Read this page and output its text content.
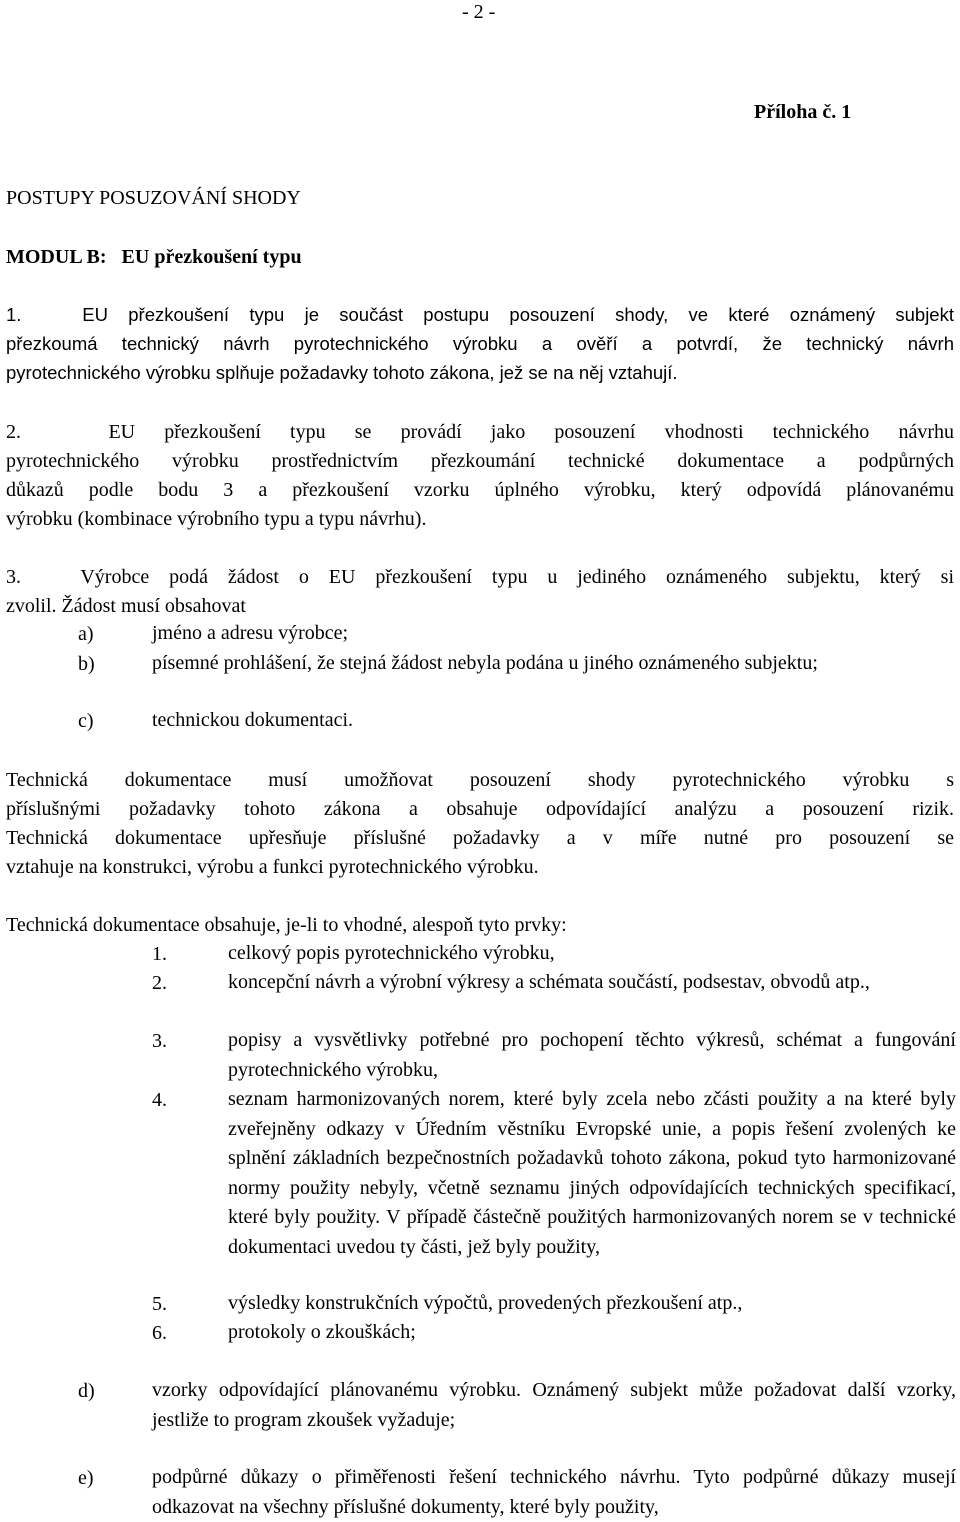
- 2 -
Příloha č. 1
POSTUPY POSUZOVÁNÍ SHODY
MODUL B:   EU přezkoušení typu
1.   EU přezkoušení typu je součást postupu posouzení shody, ve které oznámený subjekt
přezkoumá technický návrh pyrotechnického výrobku a ověří a potvrdí, že technický návrh
pyrotechnického výrobku splňuje požadavky tohoto zákona, jež se na něj vztahují.
2.   EU přezkoušení typu se provádí jako posouzení vhodnosti technického návrhu
pyrotechnického výrobku prostřednictvím přezkoumání technické dokumentace a podpůrných
důkazů podle bodu 3 a přezkoušení vzorku úplného výrobku, který odpovídá plánovanému
výrobku (kombinace výrobního typu a typu návrhu).
3.   Výrobce podá žádost o EU přezkoušení typu u jediného oznámeného subjektu, který si
zvolil. Žádost musí obsahovat
a)	jméno a adresu výrobce;
b)	písemné prohlášení, že stejná žádost nebyla podána u jiného oznámeného subjektu;
c)	technickou dokumentaci.
Technická dokumentace musí umožňovat posouzení shody pyrotechnického výrobku s
příslušnými požadavky tohoto zákona a obsahuje odpovídající analýzu a posouzení rizik.
Technická dokumentace upřesňuje příslušné požadavky a v míře nutné pro posouzení se
vztahuje na konstrukci, výrobu a funkci pyrotechnického výrobku.
Technická dokumentace obsahuje, je-li to vhodné, alespoň tyto prvky:
1.	celkový popis pyrotechnického výrobku,
2.	koncepční návrh a výrobní výkresy a schémata součástí, podsestav, obvodů atp.,
3.	popisy a vysvětlivky potřebné pro pochopení těchto výkresů, schémat a fungování pyrotechnického výrobku,
4.	seznam harmonizovaných norem, které byly zcela nebo zčásti použity a na které byly zveřejněny odkazy v Úředním věstníku Evropské unie, a popis řešení zvolených ke splnění základních bezpečnostních požadavků tohoto zákona, pokud tyto harmonizované normy použity nebyly, včetně seznamu jiných odpovídajících technických specifikací, které byly použity. V případě částečně použitých harmonizovaných norem se v technické dokumentaci uvedou ty části, jež byly použity,
5.	výsledky konstrukčních výpočtů, provedených přezkoušení atp.,
6.	protokoly o zkouškách;
d)	vzorky odpovídající plánovanému výrobku. Oznámený subjekt může požadovat další vzorky, jestliže to program zkoušek vyžaduje;
e)	podpůrné důkazy o přiměřenosti řešení technického návrhu. Tyto podpůrné důkazy musejí odkazovat na všechny příslušné dokumenty, které byly použity,
